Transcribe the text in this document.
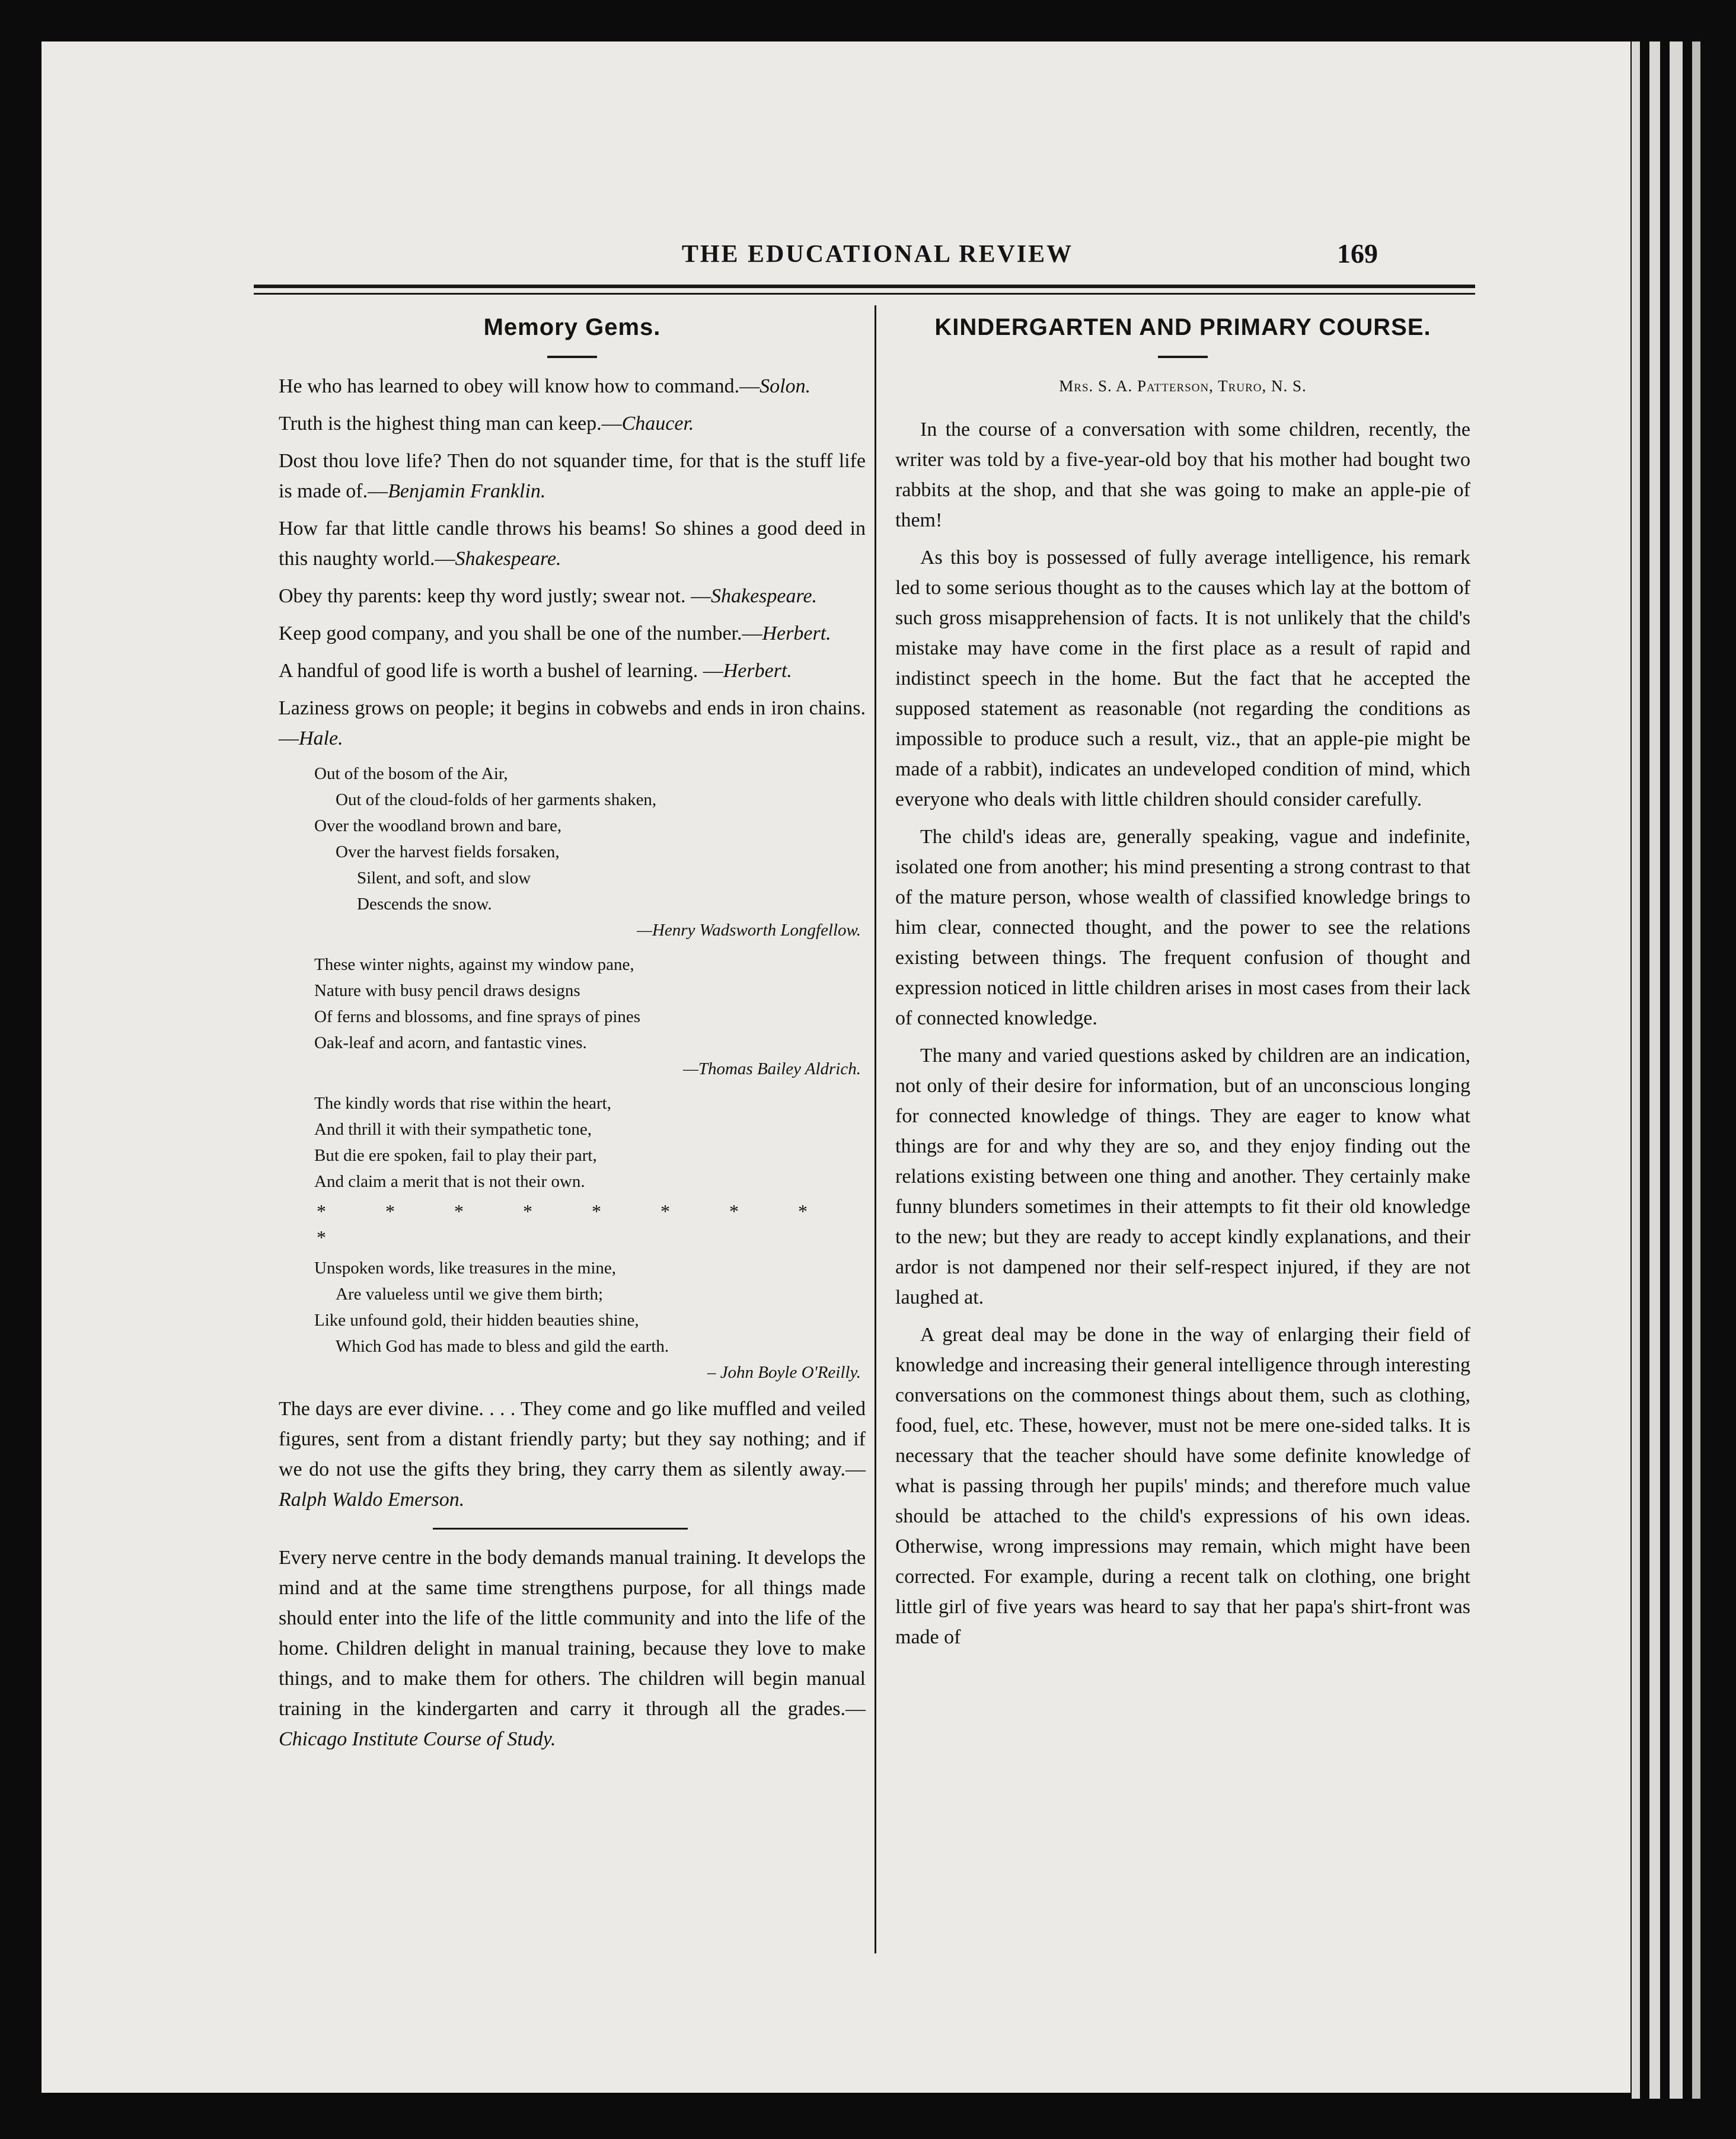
THE EDUCATIONAL REVIEW	169
Memory Gems.

He who has learned to obey will know how to command.—Solon.

Truth is the highest thing man can keep.—Chaucer.

Dost thou love life? Then do not squander time, for that is the stuff life is made of.—Benjamin Franklin.

How far that little candle throws his beams! So shines a good deed in this naughty world.—Shakespeare.

Obey thy parents: keep thy word justly; swear not. —Shakespeare.

Keep good company, and you shall be one of the number.—Herbert.

A handful of good life is worth a bushel of learning. —Herbert.

Laziness grows on people; it begins in cobwebs and ends in iron chains.—Hale.

Out of the bosom of the Air,
Out of the cloud-folds of her garments shaken,
Over the woodland brown and bare,
Over the harvest fields forsaken,
Silent, and soft, and slow
Descends the snow.
—Henry Wadsworth Longfellow.
These winter nights, against my window pane,
Nature with busy pencil draws designs
Of ferns and blossoms, and fine sprays of pines
Oak-leaf and acorn, and fantastic vines.
—Thomas Bailey Aldrich.
The kindly words that rise within the heart,
And thrill it with their sympathetic tone,
But die ere spoken, fail to play their part,
And claim a merit that is not their own.
* * * * * * * * *
Unspoken words, like treasures in the mine,
Are valueless until we give them birth;
Like unfound gold, their hidden beauties shine,
Which God has made to bless and gild the earth.
– John Boyle O'Reilly.

The days are ever divine. . . . They come and go like muffled and veiled figures, sent from a distant friendly party; but they say nothing; and if we do not use the gifts they bring, they carry them as silently away.—Ralph Waldo Emerson.

Every nerve centre in the body demands manual training. It develops the mind and at the same time strengthens purpose, for all things made should enter into the life of the little community and into the life of the home. Children delight in manual training, because they love to make things, and to make them for others. The children will begin manual training in the kindergarten and carry it through all the grades.—Chicago Institute Course of Study.

KINDERGARTEN AND PRIMARY COURSE.
Mrs. S. A. Patterson, Truro, N. S.

In the course of a conversation with some children, recently, the writer was told by a five-year-old boy that his mother had bought two rabbits at the shop, and that she was going to make an apple-pie of them!

As this boy is possessed of fully average intelligence, his remark led to some serious thought as to the causes which lay at the bottom of such gross misapprehension of facts. It is not unlikely that the child's mistake may have come in the first place as a result of rapid and indistinct speech in the home. But the fact that he accepted the supposed statement as reasonable (not regarding the conditions as impossible to produce such a result, viz., that an apple-pie might be made of a rabbit), indicates an undeveloped condition of mind, which everyone who deals with little children should consider carefully.

The child's ideas are, generally speaking, vague and indefinite, isolated one from another; his mind presenting a strong contrast to that of the mature person, whose wealth of classified knowledge brings to him clear, connected thought, and the power to see the relations existing between things. The frequent confusion of thought and expression noticed in little children arises in most cases from their lack of connected knowledge.

The many and varied questions asked by children are an indication, not only of their desire for information, but of an unconscious longing for connected knowledge of things. They are eager to know what things are for and why they are so, and they enjoy finding out the relations existing between one thing and another. They certainly make funny blunders sometimes in their attempts to fit their old knowledge to the new; but they are ready to accept kindly explanations, and their ardor is not dampened nor their self-respect injured, if they are not laughed at.

A great deal may be done in the way of enlarging their field of knowledge and increasing their general intelligence through interesting conversations on the commonest things about them, such as clothing, food, fuel, etc. These, however, must not be mere one-sided talks. It is necessary that the teacher should have some definite knowledge of what is passing through her pupils' minds; and therefore much value should be attached to the child's expressions of his own ideas. Otherwise, wrong impressions may remain, which might have been corrected. For example, during a recent talk on clothing, one bright little girl of five years was heard to say that her papa's shirt-front was made of
